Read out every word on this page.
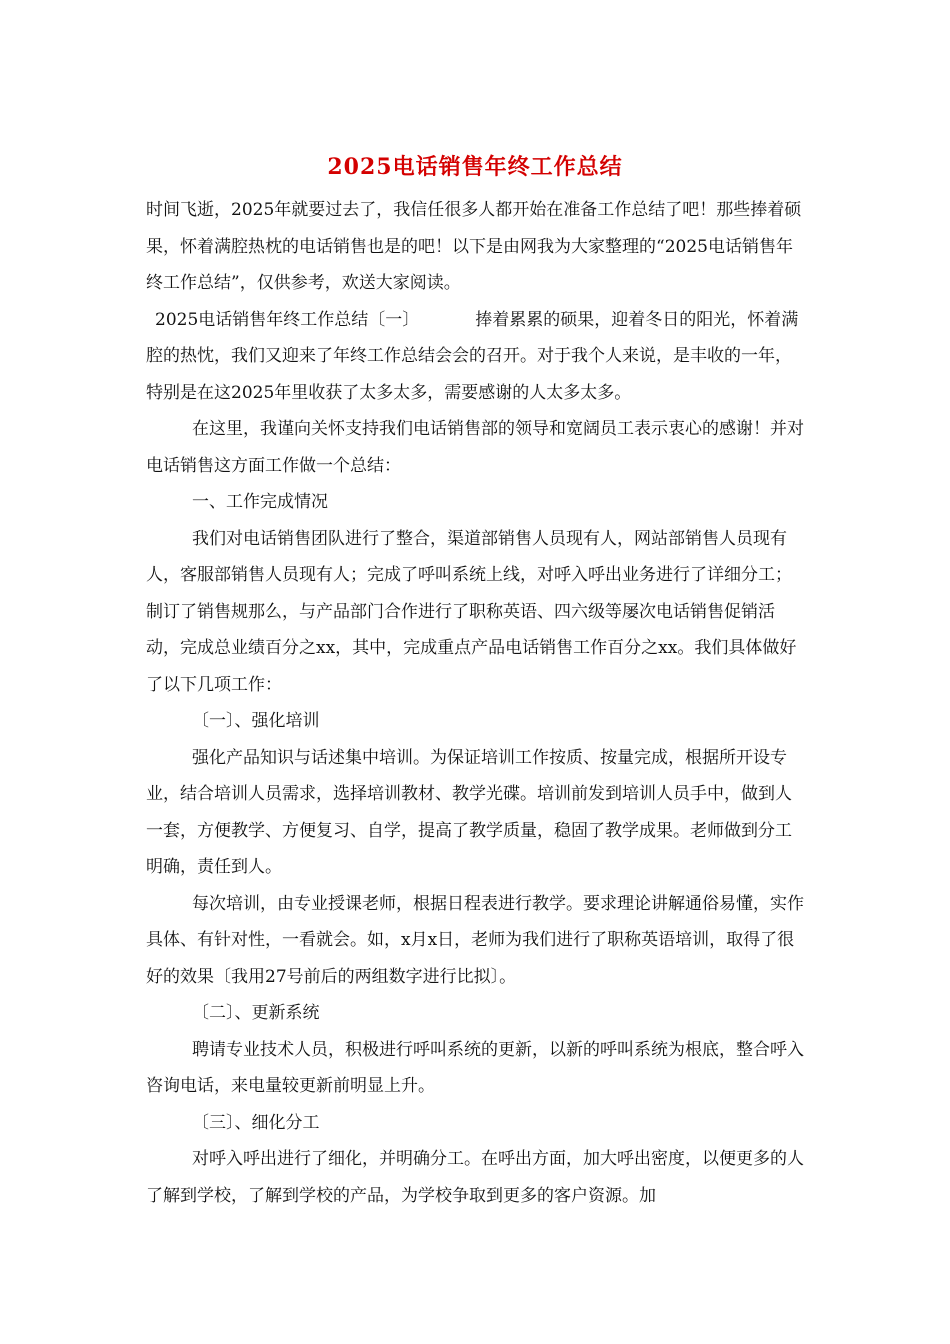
2025电话销售年终工作总结

时间飞逝，2025年就要过去了，我信任很多人都开始在准备工作总结了吧！那些捧着硕果，怀着满腔热枕的电话销售也是的吧！以下是由网我为大家整理的“2025电话销售年终工作总结”，仅供参考，欢送大家阅读。

2025电话销售年终工作总结〔一〕	捧着累累的硕果，迎着冬日的阳光，怀着满腔的热忱，我们又迎来了年终工作总结会会的召开。对于我个人来说，是丰收的一年，特别是在这2025年里收获了太多太多，需要感谢的人太多太多。

在这里，我谨向关怀支持我们电话销售部的领导和宽阔员工表示衷心的感谢！并对电话销售这方面工作做一个总结：

一、工作完成情况

我们对电话销售团队进行了整合，渠道部销售人员现有人，网站部销售人员现有人，客服部销售人员现有人；完成了呼叫系统上线，对呼入呼出业务进行了详细分工；制订了销售规那么，与产品部门合作进行了职称英语、四六级等屡次电话销售促销活动，完成总业绩百分之xx，其中，完成重点产品电话销售工作百分之xx。我们具体做好了以下几项工作：

〔一〕、强化培训

强化产品知识与话述集中培训。为保证培训工作按质、按量完成，根据所开设专业，结合培训人员需求，选择培训教材、教学光碟。培训前发到培训人员手中，做到人一套，方便教学、方便复习、自学，提高了教学质量，稳固了教学成果。老师做到分工明确，责任到人。

每次培训，由专业授课老师，根据日程表进行教学。要求理论讲解通俗易懂，实作具体、有针对性，一看就会。如，x月x日，老师为我们进行了职称英语培训，取得了很好的效果〔我用27号前后的两组数字进行比拟〕。

〔二〕、更新系统

聘请专业技术人员，积极进行呼叫系统的更新，以新的呼叫系统为根底，整合呼入咨询电话，来电量较更新前明显上升。

〔三〕、细化分工

对呼入呼出进行了细化，并明确分工。在呼出方面，加大呼出密度，以便更多的人了解到学校，了解到学校的产品，为学校争取到更多的客户资源。加
